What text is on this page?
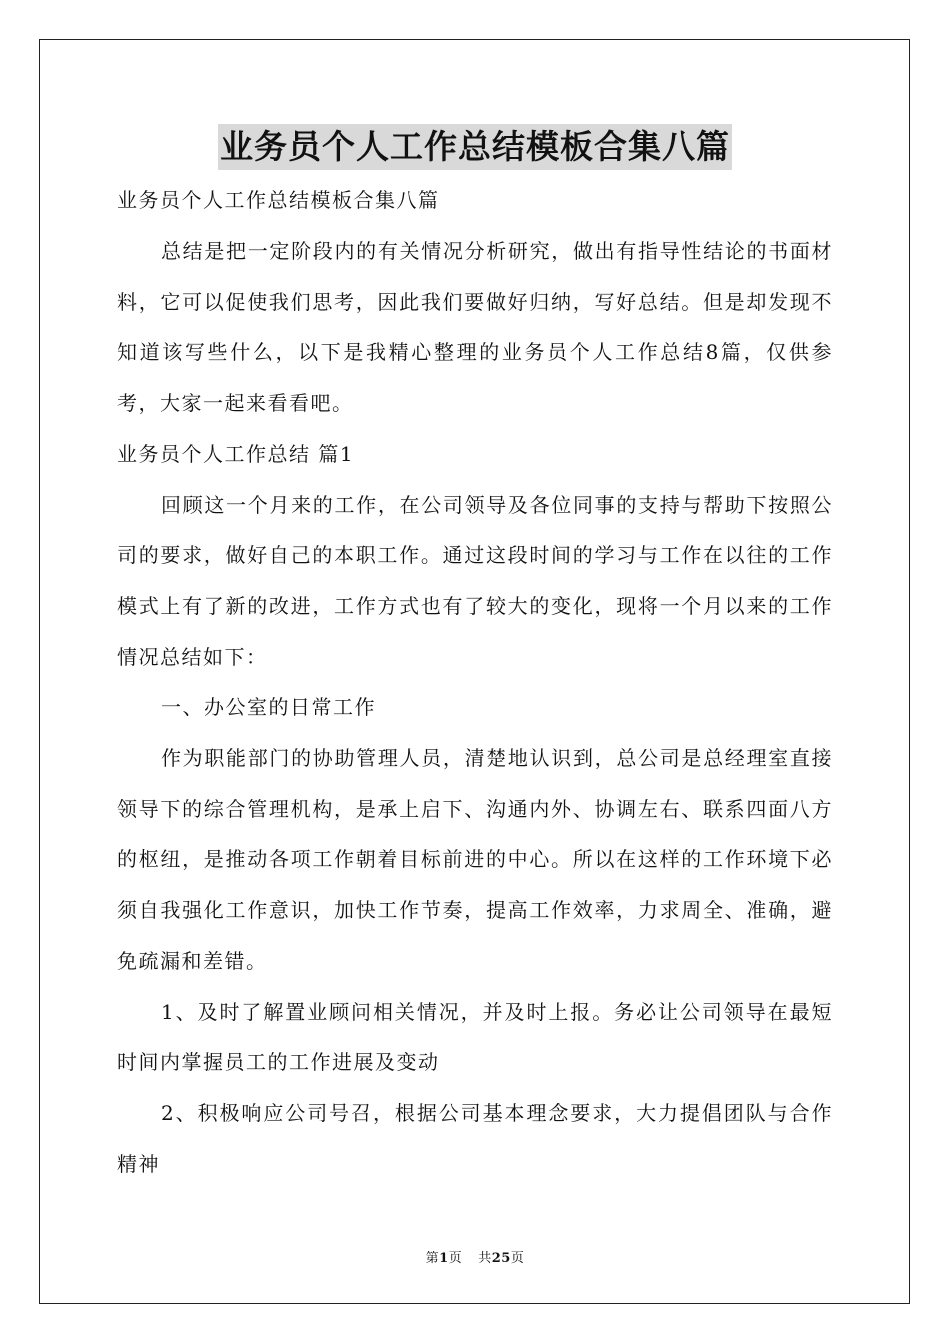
业务员个人工作总结模板合集八篇

业务员个人工作总结模板合集八篇

总结是把一定阶段内的有关情况分析研究，做出有指导性结论的书面材料，它可以促使我们思考，因此我们要做好归纳，写好总结。但是却发现不知道该写些什么，以下是我精心整理的业务员个人工作总结8篇，仅供参考，大家一起来看看吧。

业务员个人工作总结 篇1

回顾这一个月来的工作，在公司领导及各位同事的支持与帮助下按照公司的要求，做好自己的本职工作。通过这段时间的学习与工作在以往的工作模式上有了新的改进，工作方式也有了较大的变化，现将一个月以来的工作情况总结如下：

一、办公室的日常工作

作为职能部门的协助管理人员，清楚地认识到，总公司是总经理室直接领导下的综合管理机构，是承上启下、沟通内外、协调左右、联系四面八方的枢纽，是推动各项工作朝着目标前进的中心。所以在这样的工作环境下必须自我强化工作意识，加快工作节奏，提高工作效率，力求周全、准确，避免疏漏和差错。

1、及时了解置业顾问相关情况，并及时上报。务必让公司领导在最短时间内掌握员工的工作进展及变动

2、积极响应公司号召，根据公司基本理念要求，大力提倡团队与合作精神

第1页 共25页
